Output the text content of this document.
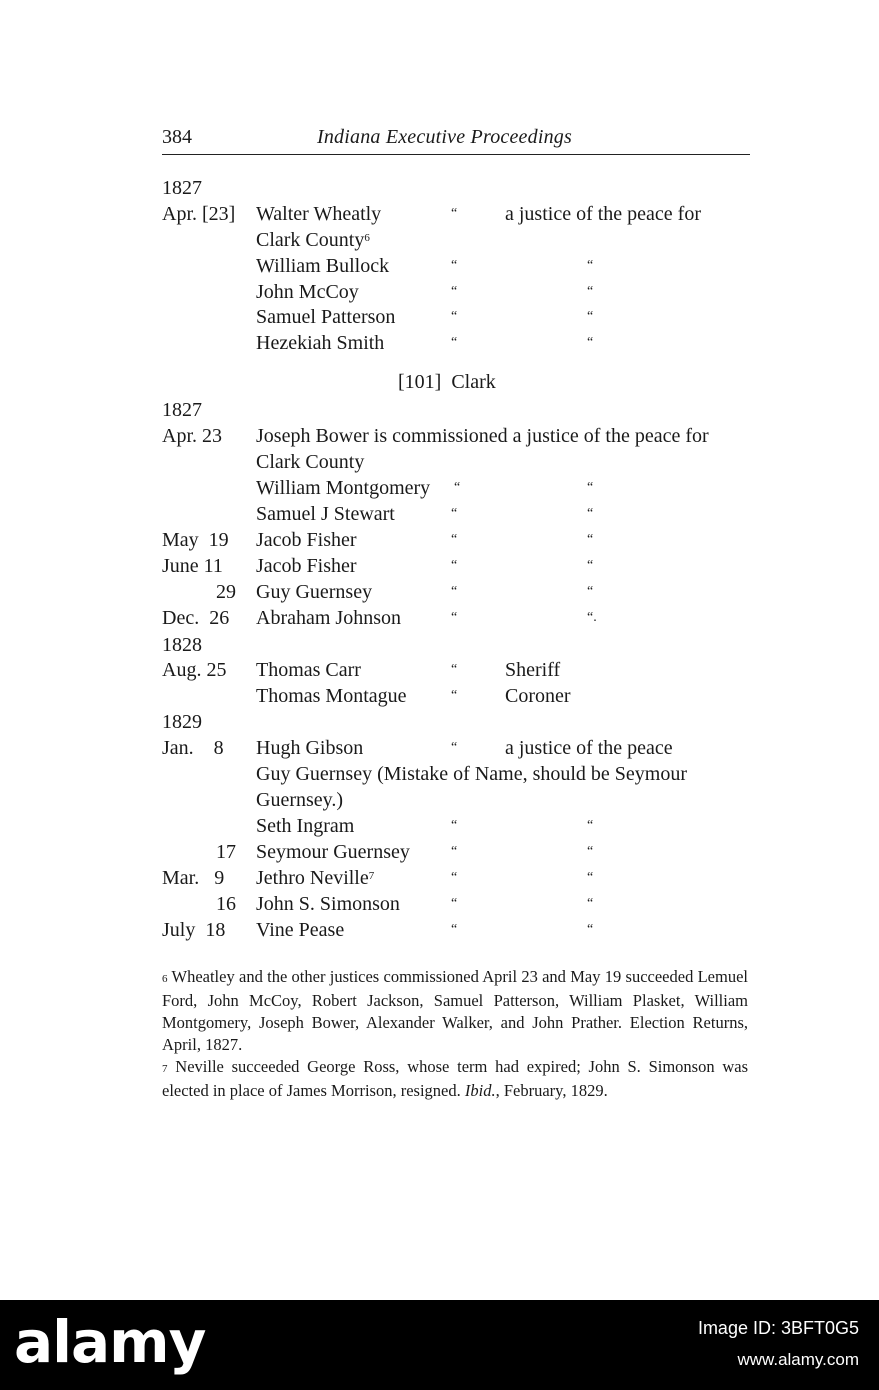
384	Indiana Executive Proceedings
1827
Apr. [23] Walter Wheatly	“ a justice of the peace for
Clark County$^6$
William Bullock	“	“
John McCoy	“	“
Samuel Patterson	“	“
Hezekiah Smith	“	“
[101]  Clark
1827
Apr. 23 Joseph Bower is commissioned a justice of the peace for
Clark County
William Montgomery “	“
Samuel J Stewart	“	“
May  19 Jacob Fisher	“	“
June 11 Jacob Fisher	“	“
29 Guy Guernsey	“	“
Dec.  26 Abraham Johnson	“	“.
1828
Aug. 25 Thomas Carr	“ Sheriff
Thomas Montague	“ Coroner
1829
Jan.    8 Hugh Gibson	“ a justice of the peace
Guy Guernsey (Mistake of Name, should be Seymour
Guernsey.)
Seth Ingram	“	“
17 Seymour Guernsey	“	“
Mar.   9 Jethro Neville$^7$	“	“
16 John S. Simonson	“	“
July  18 Vine Pease	“	“
6 Wheatley and the other justices commissioned April 23 and May 19 succeeded Lemuel Ford, John McCoy, Robert Jackson, Samuel Patterson, William Plasket, William Montgomery, Joseph Bower, Alexander Walker, and John Prather. Election Returns, April, 1827.
7 Neville succeeded George Ross, whose term had expired; John S. Simonson was elected in place of James Morrison, resigned. Ibid., February, 1829.
alamy	Image ID: 3BFT0G5
www.alamy.com
